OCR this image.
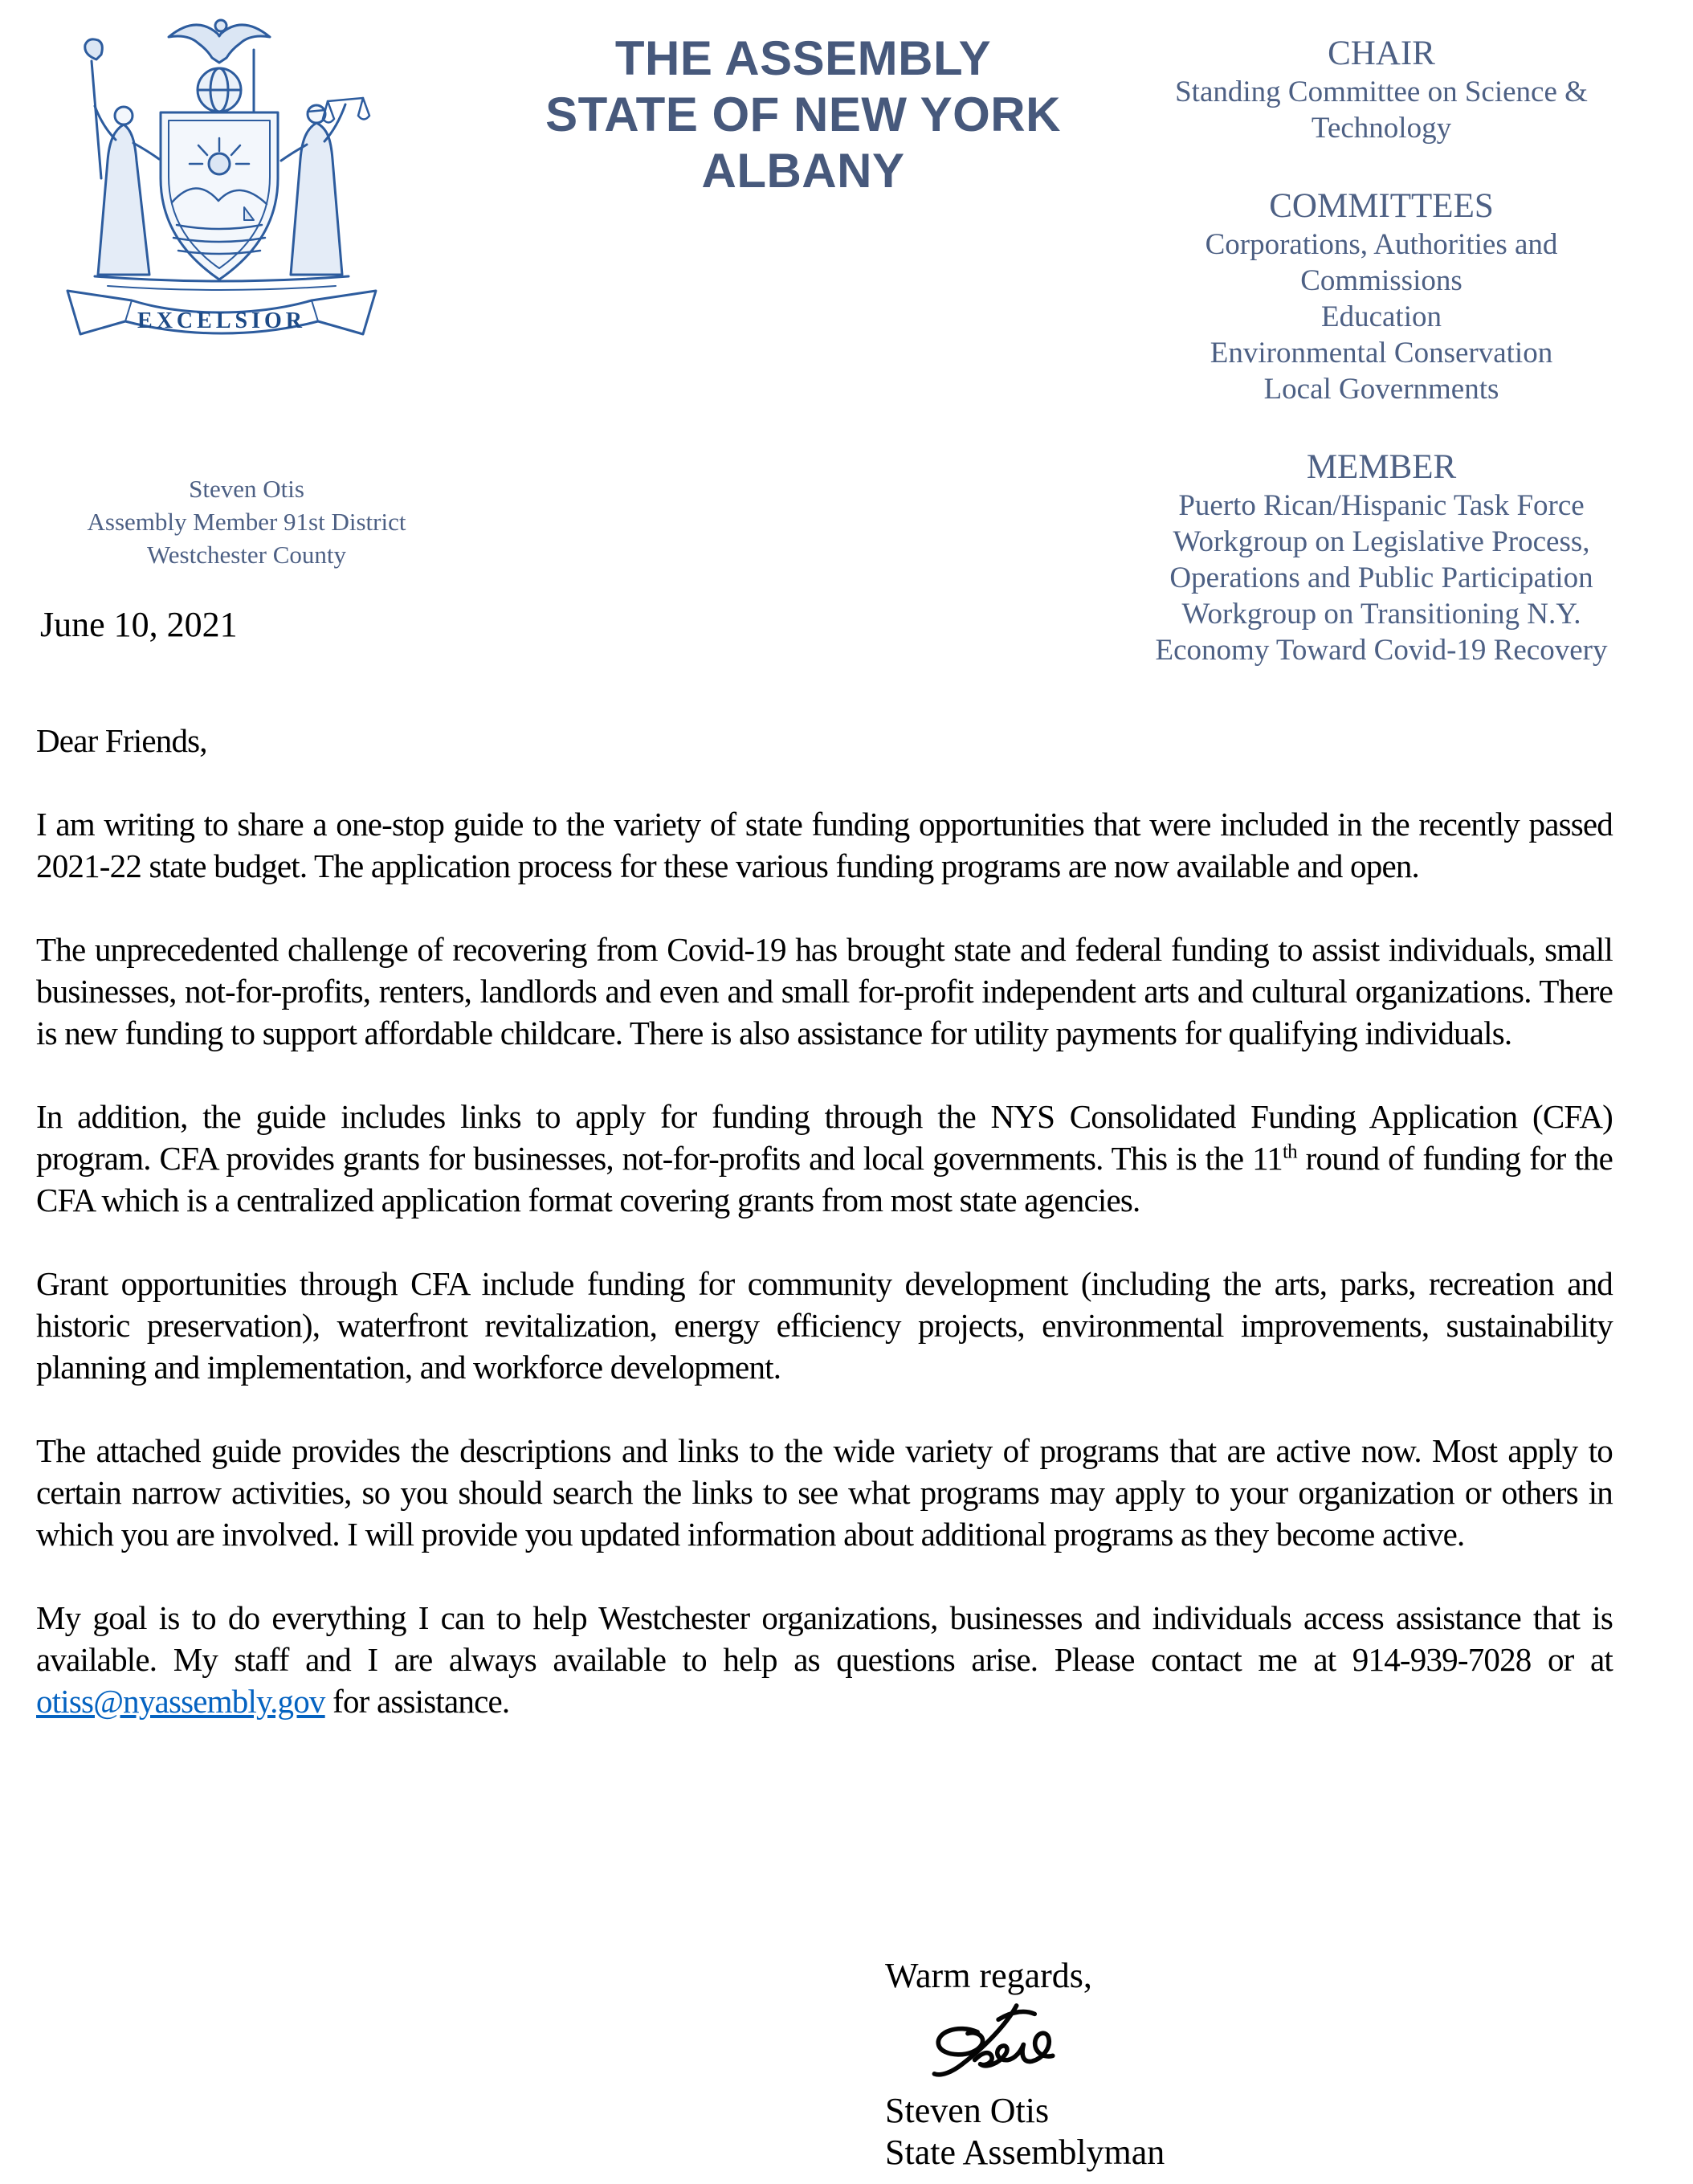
EXCELSIOR
THE ASSEMBLY
STATE OF NEW YORK
ALBANY
CHAIR
Standing Committee on Science &
Technology
COMMITTEES
Corporations, Authorities and
Commissions
Education
Environmental Conservation
Local Governments
MEMBER
Puerto Rican/Hispanic Task Force
Workgroup on Legislative Process,
Operations and Public Participation
Workgroup on Transitioning N.Y.
Economy Toward Covid-19 Recovery
Steven Otis
Assembly Member 91st District
Westchester County
June 10, 2021

Dear Friends,

I am writing to share a one-stop guide to the variety of state funding opportunities that were included in the recently passed 2021-22 state budget. The application process for these various funding programs are now available and open.

The unprecedented challenge of recovering from Covid-19 has brought state and federal funding to assist individuals, small businesses, not-for-profits, renters, landlords and even and small for-profit independent arts and cultural organizations. There is new funding to support affordable childcare. There is also assistance for utility payments for qualifying individuals.

In addition, the guide includes links to apply for funding through the NYS Consolidated Funding Application (CFA) program. CFA provides grants for businesses, not-for-profits and local governments. This is the 11th round of funding for the CFA which is a centralized application format covering grants from most state agencies.

Grant opportunities through CFA include funding for community development (including the arts, parks, recreation and historic preservation), waterfront revitalization, energy efficiency projects, environmental improvements, sustainability planning and implementation, and workforce development.

The attached guide provides the descriptions and links to the wide variety of programs that are active now. Most apply to certain narrow activities, so you should search the links to see what programs may apply to your organization or others in which you are involved. I will provide you updated information about additional programs as they become active.

My goal is to do everything I can to help Westchester organizations, businesses and individuals access assistance that is available. My staff and I are always available to help as questions arise. Please contact me at 914-939-7028 or at otiss@nyassembly.gov for assistance.

Warm regards,
Steven Otis
State Assemblyman
